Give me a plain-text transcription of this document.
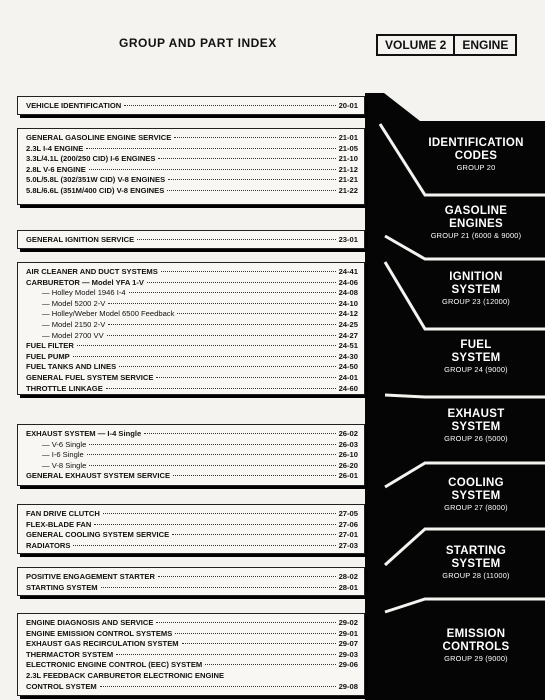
GROUP AND PART INDEX	VOLUME 2	ENGINE
VEHICLE IDENTIFICATION	20-01
GENERAL GASOLINE ENGINE SERVICE	21-01
2.3L I-4 ENGINE	21-05
3.3L/4.1L (200/250 CID) I-6 ENGINES	21-10
2.8L V-6 ENGINE	21-12
5.0L/5.8L (302/351W CID) V-8 ENGINES	21-21
5.8L/6.6L (351M/400 CID) V-8 ENGINES	21-22
GENERAL IGNITION SERVICE	23-01
AIR CLEANER AND DUCT SYSTEMS	24-41
CARBURETOR — Model YFA 1-V	24-06
— Holley Model 1946 I-4	24-08
— Model 5200 2-V	24-10
— Holley/Weber Model 6500 Feedback	24-12
— Model 2150 2-V	24-25
— Model 2700 VV	24-27
FUEL FILTER	24-51
FUEL PUMP	24-30
FUEL TANKS AND LINES	24-50
GENERAL FUEL SYSTEM SERVICE	24-01
THROTTLE LINKAGE	24-60
EXHAUST SYSTEM — I-4 Single	26-02
— V-6 Single	26-03
— I-6 Single	26-10
— V-8 Single	26-20
GENERAL EXHAUST SYSTEM SERVICE	26-01
FAN DRIVE CLUTCH	27-05
FLEX-BLADE FAN	27-06
GENERAL COOLING SYSTEM SERVICE	27-01
RADIATORS	27-03
POSITIVE ENGAGEMENT STARTER	28-02
STARTING SYSTEM	28-01
ENGINE DIAGNOSIS AND SERVICE	29-02
ENGINE EMISSION CONTROL SYSTEMS	29-01
EXHAUST GAS RECIRCULATION SYSTEM	29-07
THERMACTOR SYSTEM	29-03
ELECTRONIC ENGINE CONTROL (EEC) SYSTEM	29-06
2.3L FEEDBACK CARBURETOR ELECTRONIC ENGINE
CONTROL SYSTEM	29-08
IDENTIFICATION
CODES
GROUP 20
GASOLINE
ENGINES
GROUP 21 (6000 & 9000)
IGNITION
SYSTEM
GROUP 23 (12000)
FUEL
SYSTEM
GROUP 24 (9000)
EXHAUST
SYSTEM
GROUP 26 (5000)
COOLING
SYSTEM
GROUP 27 (8000)
STARTING
SYSTEM
GROUP 28 (11000)
EMISSION
CONTROLS
GROUP 29 (9000)
